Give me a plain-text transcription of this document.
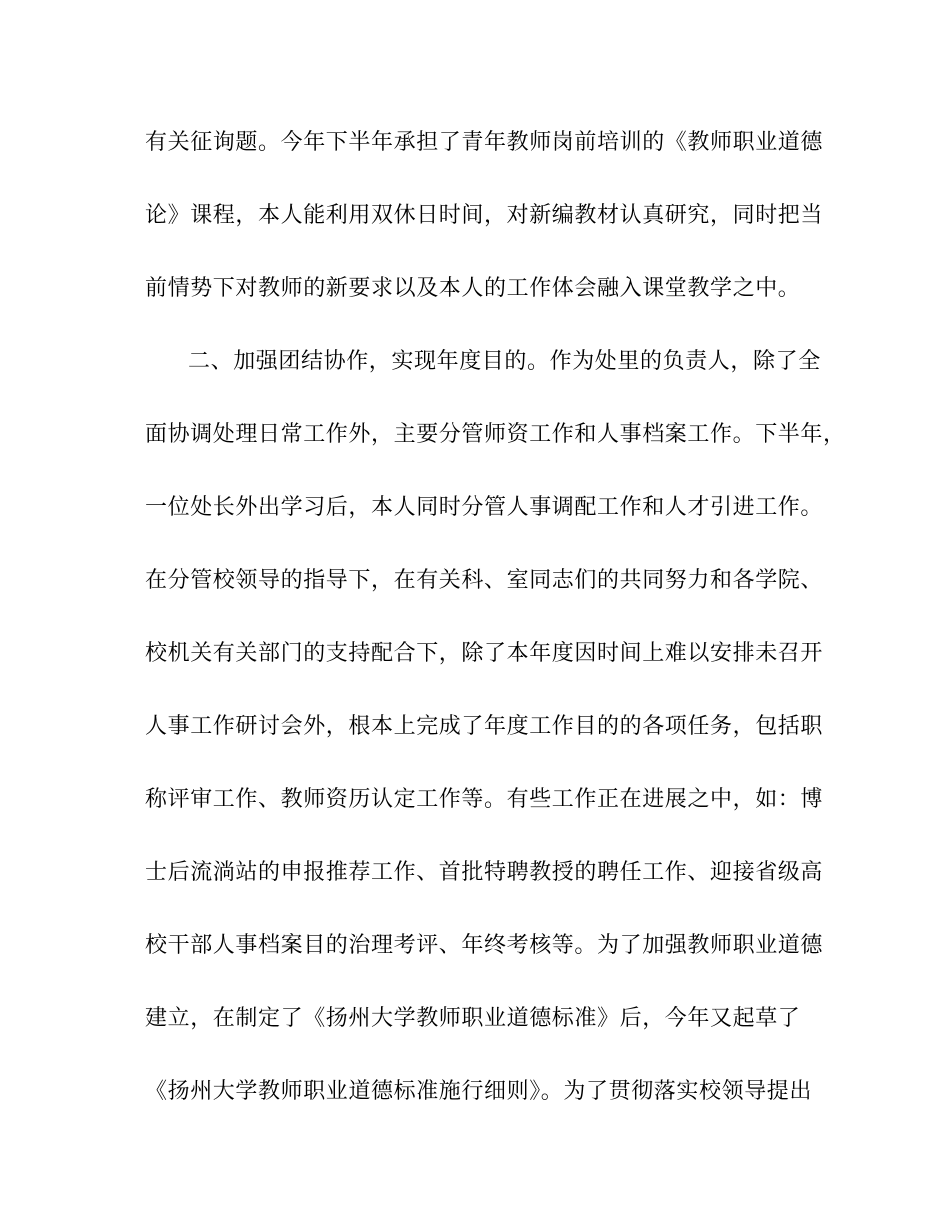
有关征询题。今年下半年承担了青年教师岗前培训的《教师职业道德
论》课程，本人能利用双休日时间，对新编教材认真研究，同时把当
前情势下对教师的新要求以及本人的工作体会融入课堂教学之中。
二、加强团结协作，实现年度目的。作为处里的负责人，除了全
面协调处理日常工作外，主要分管师资工作和人事档案工作。下半年，
一位处长外出学习后，本人同时分管人事调配工作和人才引进工作。
在分管校领导的指导下，在有关科、室同志们的共同努力和各学院、
校机关有关部门的支持配合下，除了本年度因时间上难以安排未召开
人事工作研讨会外，根本上完成了年度工作目的的各项任务，包括职
称评审工作、教师资历认定工作等。有些工作正在进展之中，如：博
士后流淌站的申报推荐工作、首批特聘教授的聘任工作、迎接省级高
校干部人事档案目的治理考评、年终考核等。为了加强教师职业道德
建立，在制定了《扬州大学教师职业道德标准》后，今年又起草了
《扬州大学教师职业道德标准施行细则》。为了贯彻落实校领导提出
